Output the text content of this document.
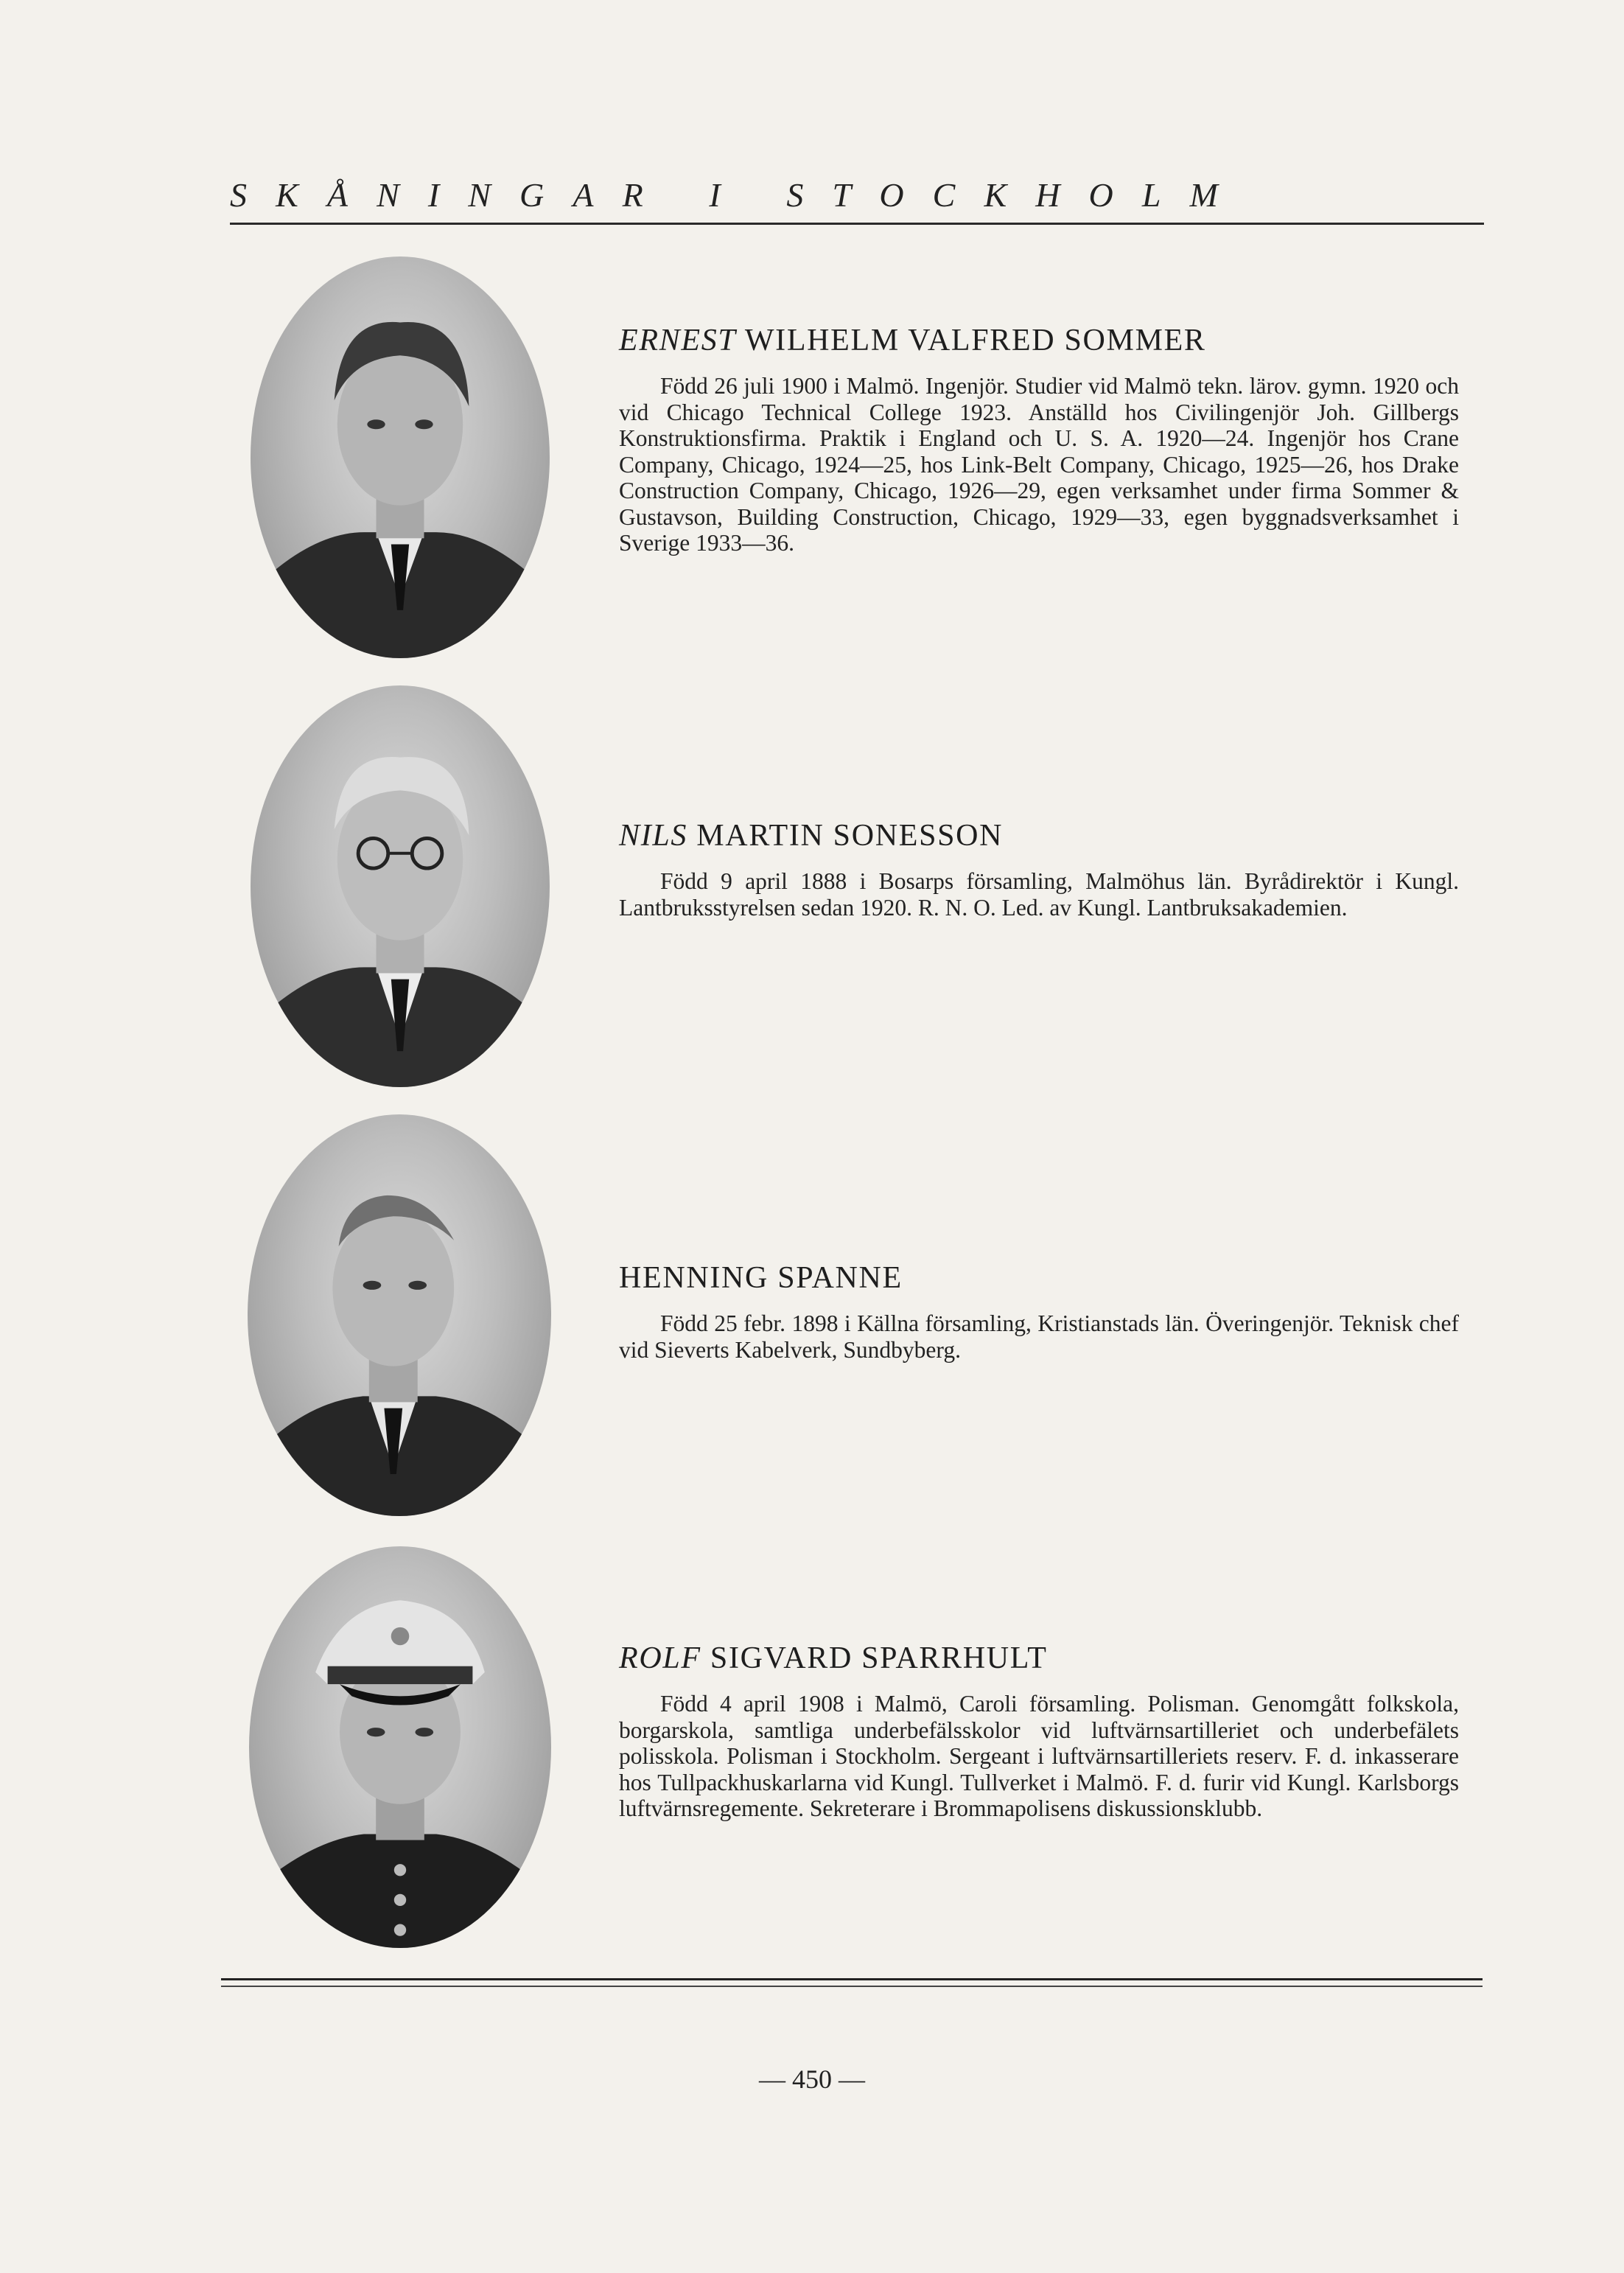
SKÅNINGAR I STOCKHOLM
ERNEST WILHELM VALFRED SOMMER

Född 26 juli 1900 i Malmö. Ingenjör. Studier vid Malmö tekn. lärov. gymn. 1920 och vid Chicago Technical College 1923. Anställd hos Civilingenjör Joh. Gillbergs Konstruktionsfirma. Praktik i England och U. S. A. 1920—24. Ingenjör hos Crane Company, Chicago, 1924—25, hos Link-Belt Company, Chicago, 1925—26, hos Drake Construction Company, Chicago, 1926—29, egen verksamhet under firma Sommer & Gustavson, Building Construction, Chicago, 1929—33, egen byggnadsverksamhet i Sverige 1933—36.

NILS MARTIN SONESSON

Född 9 april 1888 i Bosarps församling, Malmöhus län. Byrådirektör i Kungl. Lantbruksstyrelsen sedan 1920. R. N. O. Led. av Kungl. Lantbruksakademien.

HENNING SPANNE

Född 25 febr. 1898 i Källna församling, Kristianstads län. Överingenjör. Teknisk chef vid Sieverts Kabelverk, Sundbyberg.

ROLF SIGVARD SPARRHULT

Född 4 april 1908 i Malmö, Caroli församling. Polisman. Genomgått folkskola, borgarskola, samtliga underbefälsskolor vid luftvärnsartilleriet och underbefälets polisskola. Polisman i Stockholm. Sergeant i luftvärnsartilleriets reserv. F. d. inkasserare hos Tullpackhuskarlarna vid Kungl. Tullverket i Malmö. F. d. furir vid Kungl. Karlsborgs luftvärnsregemente. Sekreterare i Brommapolisens diskussionsklubb.

— 450 —
